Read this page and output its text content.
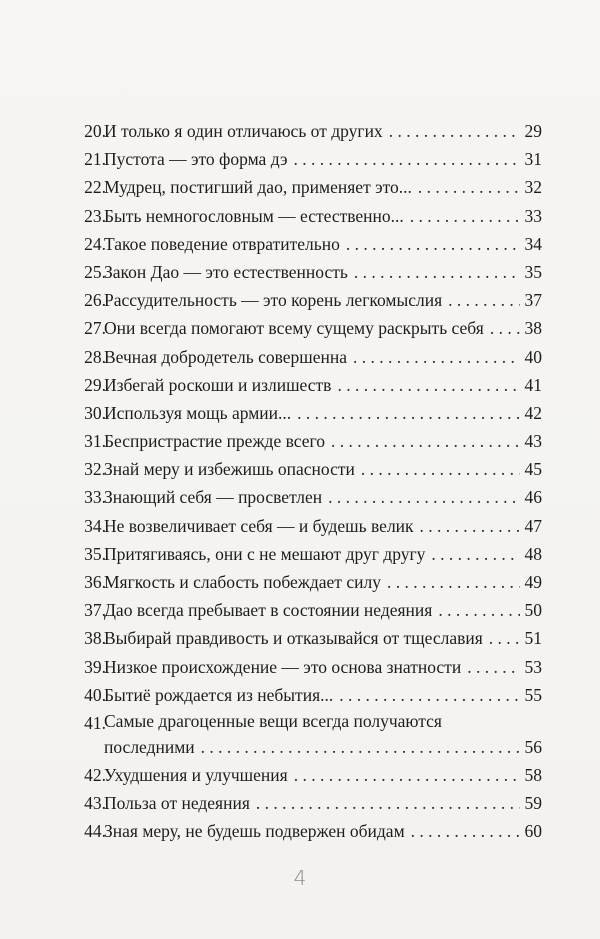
20.
И только я один отличаюсь от других . . .	29
21.
Пустота — это форма дэ . . .	31
22.
Мудрец, постигший дао, применяет это... . . .	32
23.
Быть немногословным — естественно... . . .	33
24.
Такое поведение отвратительно . . .	34
25.
Закон Дао — это естественность . . .	35
26.
Рассудительность — это корень легкомыслия . . .	37
27.
Они всегда помогают всему сущему раскрыть себя . . . 38
28.
Вечная добродетель совершенна . . .	40
29.
Избегай роскоши и излишеств . . .	41
30.
Используя мощь армии... . . .	42
31.
Беспристрастие прежде всего . . .	43
32.
Знай меру и избежишь опасности . . .	45
33.
Знающий себя — просветлен . . .	46
34.
Не возвеличивает себя — и будешь велик . . .	47
35.
Притягиваясь, они с не мешают друг другу . . .	48
36.
Мягкость и слабость побеждает силу . . .	49
37.
Дао всегда пребывает в состоянии недеяния . . .	50
38.
Выбирай правдивость и отказывайся от тщеславия . . . 51
39.
Низкое происхождение — это основа знатности . . .	53
40.
Бытиё рождается из небытия... . . .	55
41.
Самые драгоценные вещи всегда получаются
последними . . .	56
42.
Ухудшения и улучшения . . .	58
43.
Польза от недеяния . . .	59
44.
Зная меру, не будешь подвержен обидам . . .	60
4
